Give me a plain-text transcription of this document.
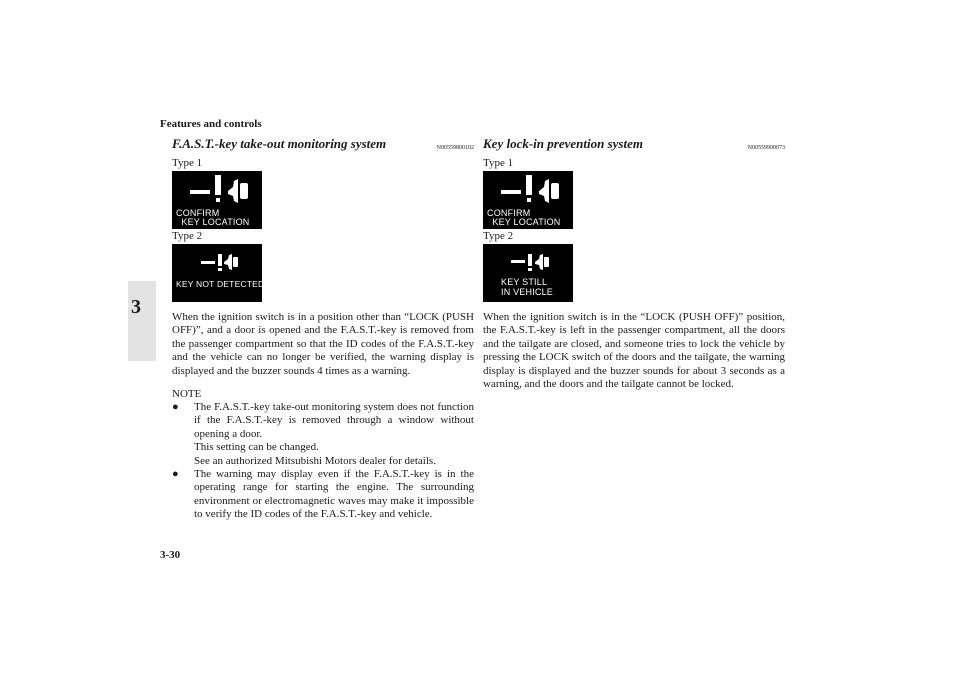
Features and controls
3
3-30
F.A.S.T.-key take-out monitoring system	N00559800102
Type 1
CONFIRM
KEY LOCATION
Type 2
KEY NOT DETECTED
When the ignition switch is in a position other than “LOCK (PUSH OFF)”, and a door is opened and the F.A.S.T.-key is removed from the passenger compartment so that the ID codes of the F.A.S.T.-key and the vehicle can no longer be verified, the warning display is displayed and the buzzer sounds 4 times as a warning.
NOTE
● The F.A.S.T.-key take-out monitoring system does not function if the F.A.S.T.-key is removed through a window without opening a door.
This setting can be changed.
See an authorized Mitsubishi Motors dealer for details.
● The warning may display even if the F.A.S.T.-key is in the operating range for starting the engine. The surrounding environment or electromagnetic waves may make it impossible to verify the ID codes of the F.A.S.T.-key and vehicle.
Key lock-in prevention system	N00559900073
Type 1
CONFIRM
KEY LOCATION
Type 2
KEY STILL
IN VEHICLE
When the ignition switch is in the “LOCK (PUSH OFF)” position, the F.A.S.T.-key is left in the passenger compartment, all the doors and the tailgate are closed, and someone tries to lock the vehicle by pressing the LOCK switch of the doors and the tailgate, the warning display is displayed and the buzzer sounds for about 3 seconds as a warning, and the doors and the tailgate cannot be locked.
